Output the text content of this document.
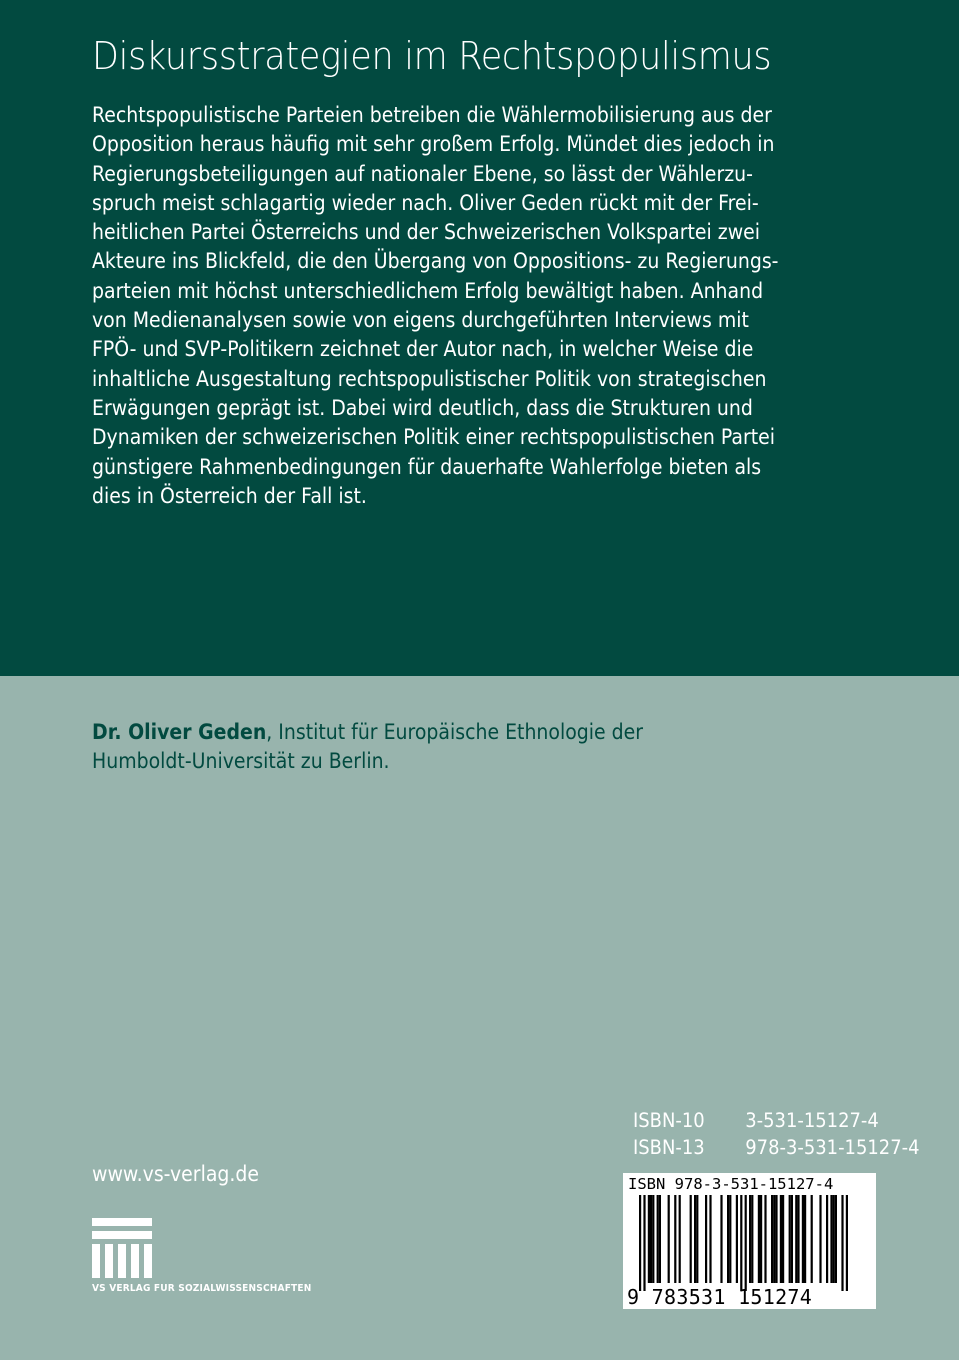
Diskursstrategien im Rechtspopulismus
Rechtspopulistische Parteien betreiben die Wählermobilisierung aus der
Opposition heraus häufig mit sehr großem Erfolg. Mündet dies jedoch in
Regierungsbeteiligungen auf nationaler Ebene, so lässt der Wählerzu-
spruch meist schlagartig wieder nach. Oliver Geden rückt mit der Frei-
heitlichen Partei Österreichs und der Schweizerischen Volkspartei zwei
Akteure ins Blickfeld, die den Übergang von Oppositions- zu Regierungs-
parteien mit höchst unterschiedlichem Erfolg bewältigt haben. Anhand
von Medienanalysen sowie von eigens durchgeführten Interviews mit
FPÖ- und SVP-Politikern zeichnet der Autor nach, in welcher Weise die
inhaltliche Ausgestaltung rechtspopulistischer Politik von strategischen
Erwägungen geprägt ist. Dabei wird deutlich, dass die Strukturen und
Dynamiken der schweizerischen Politik einer rechtspopulistischen Partei
günstigere Rahmenbedingungen für dauerhafte Wahlerfolge bieten als
dies in Österreich der Fall ist.
Dr. Oliver Geden, Institut für Europäische Ethnologie der
Humboldt-Universität zu Berlin.
ISBN-10 3-531-15127-4
ISBN-13 978-3-531-15127-4
www.vs-verlag.de
VS VERLAG FÜR SOZIALWISSENSCHAFTEN
ISBN 978-3-531-15127-4
9 783531 151274
